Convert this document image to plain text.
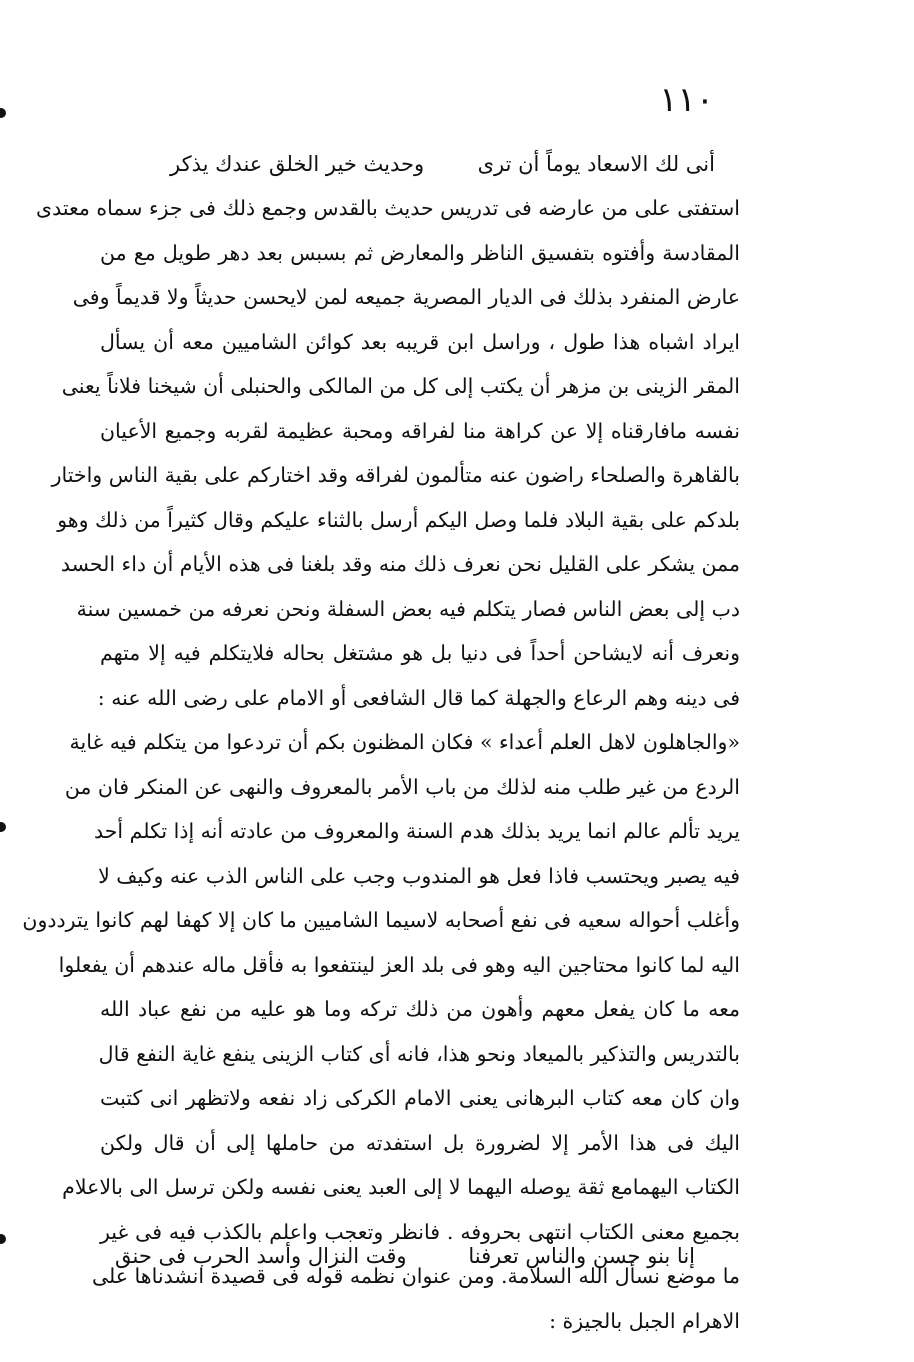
١١٠
أنى لك الاسعاد يوماً أن ترى
وحديث خير الخلق عندك يذكر
استفتى على من عارضه فى تدريس حديث بالقدس وجمع ذلك فى جزء سماه معتدى
المقادسة وأفتوه بتفسيق الناظر والمعارض ثم بسبس بعد دهر طويل مع من
عارض المنفرد بذلك فى الديار المصرية جميعه لمن لايحسن حديثاً ولا قديماً وفى
ايراد اشباه هذا طول ، وراسل ابن قريبه بعد كوائن الشاميين معه أن يسأل
المقر الزينى بن مزهر أن يكتب إلى كل من المالكى والحنبلى أن شيخنا فلاناً يعنى
نفسه مافارقناه إلا عن كراهة منا لفراقه ومحبة عظيمة لقربه وجميع الأعيان
بالقاهرة والصلحاء راضون عنه متألمون لفراقه وقد اختاركم على بقية الناس واختار
بلدكم على بقية البلاد فلما وصل اليكم أرسل بالثناء عليكم وقال كثيراً من ذلك وهو
ممن يشكر على القليل نحن نعرف ذلك منه وقد بلغنا فى هذه الأيام أن داء الحسد
دب إلى بعض الناس فصار يتكلم فيه بعض السفلة ونحن نعرفه من خمسين سنة
ونعرف أنه لايشاحن أحداً فى دنيا بل هو مشتغل بحاله فلايتكلم فيه إلا متهم
فى دينه وهم الرعاع والجهلة كما قال الشافعى أو الامام على رضى الله عنه :
«والجاهلون لاهل العلم أعداء » فكان المظنون بكم أن تردعوا من يتكلم فيه غاية
الردع من غير طلب منه لذلك من باب الأمر بالمعروف والنهى عن المنكر فان من
يريد تألم عالم انما يريد بذلك هدم السنة والمعروف من عادته أنه إذا تكلم أحد
فيه يصبر ويحتسب فاذا فعل هو المندوب وجب على الناس الذب عنه وكيف لا
وأغلب أحواله سعيه فى نفع أصحابه لاسيما الشاميين ما كان إلا كهفا لهم كانوا يترددون
اليه لما كانوا محتاجين اليه وهو فى بلد العز لينتفعوا به فأقل ماله عندهم أن يفعلوا
معه ما كان يفعل معهم وأهون من ذلك تركه وما هو عليه من نفع عباد الله
بالتدريس والتذكير بالميعاد ونحو هذا، فانه أى كتاب الزينى ينفع غاية النفع قال
وان كان معه كتاب البرهانى يعنى الامام الكركى زاد نفعه ولاتظهر انى كتبت
اليك فى هذا الأمر إلا لضرورة بل استفدته من حاملها إلى أن قال ولكن
الكتاب اليهمامع ثقة يوصله اليهما لا إلى العبد يعنى نفسه ولكن ترسل الى بالاعلام
بجميع معنى الكتاب انتهى بحروفه . فانظر وتعجب واعلم بالكذب فيه فى غير
ما موضع نسأل الله السلامة. ومن عنوان نظمه قوله فى قصيدة انشدناها على
الاهرام الجبل بالجيزة :
إنا بنو حسن والناس تعرفنا
وقت النزال وأسد الحرب فى حنق
